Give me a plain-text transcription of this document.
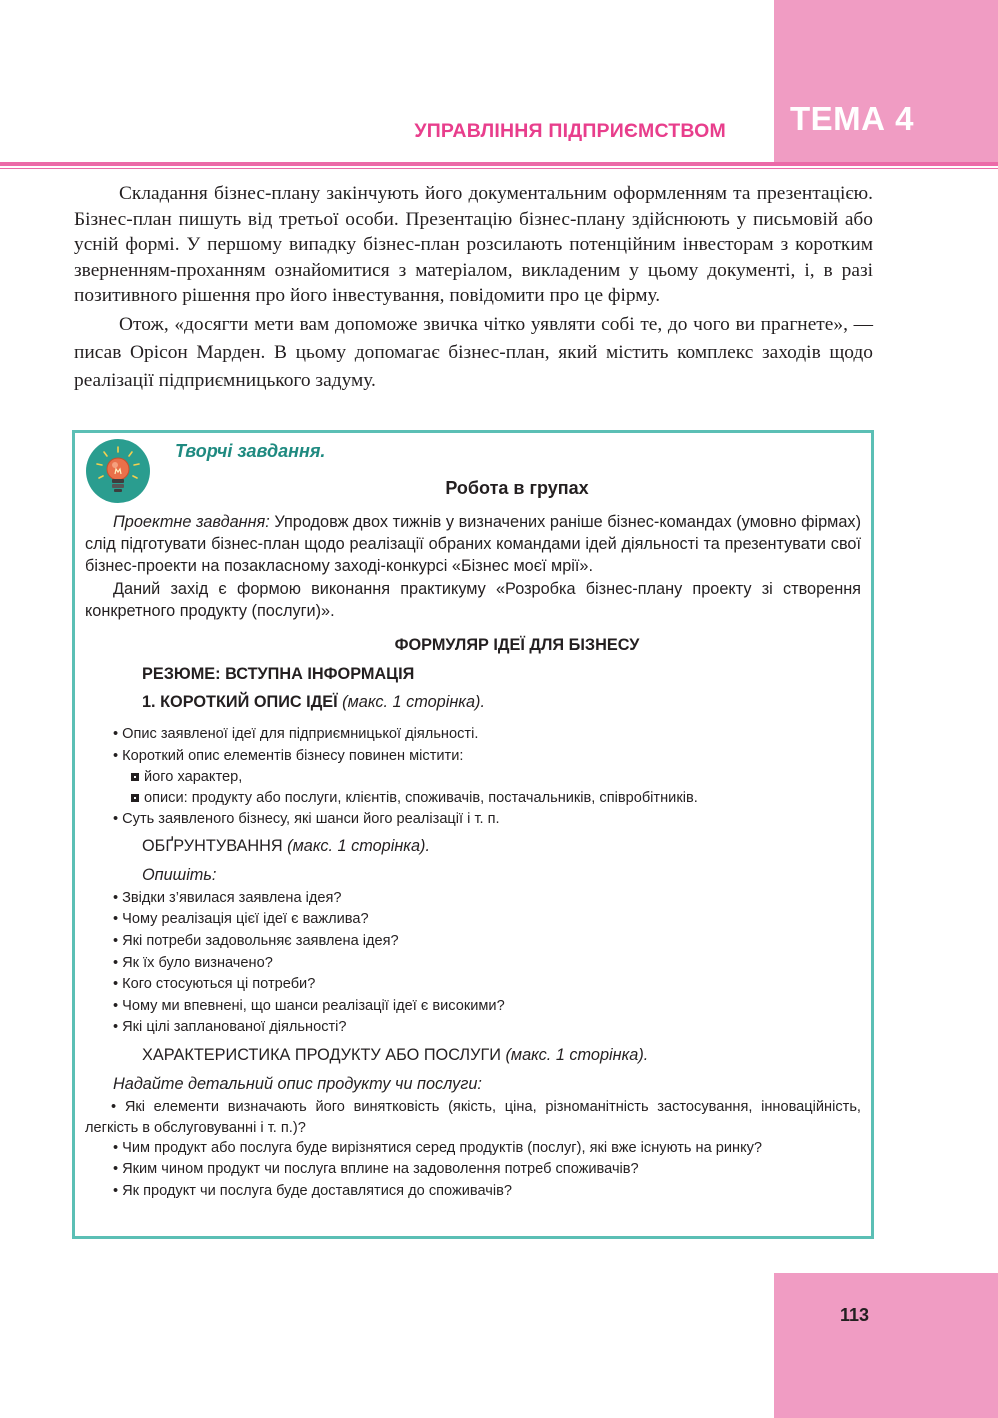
ТЕМА 4
УПРАВЛІННЯ ПІДПРИЄМСТВОМ

Складання бізнес-плану закінчують його документальним оформленням та презентацією. Бізнес-план пишуть від третьої особи. Презентацію бізнес-плану здійснюють у письмовій або усній формі. У першому випадку бізнес-план розсилають потенційним інвесторам з коротким зверненням-проханням ознайомитися з матеріалом, викладеним у цьому документі, і, в разі позитивного рішення про його інвестування, повідомити про це фірму.

Отож, «досягти мети вам допоможе звичка чітко уявляти собі те, до чого ви прагнете», — писав Орісон Марден. В цьому допомагає бізнес-план, який містить комплекс заходів щодо реалізації підприємницького задуму.

Творчі завдання.
Робота в групах
Проектне завдання: Упродовж двох тижнів у визначених раніше бізнес-командах (умовно фірмах) слід підготувати бізнес-план щодо реалізації обраних командами ідей діяльності та презентувати свої бізнес-проекти на позакласному заході-конкурсі «Бізнес моєї мрії».
Даний захід є формою виконання практикуму «Розробка бізнес-плану проекту зі створення конкретного продукту (послуги)».
ФОРМУЛЯР ІДЕЇ ДЛЯ БІЗНЕСУ
РЕЗЮМЕ: ВСТУПНА ІНФОРМАЦІЯ
1. КОРОТКИЙ ОПИС ІДЕЇ (макс. 1 сторінка).
• Опис заявленої ідеї для підприємницької діяльності.
• Короткий опис елементів бізнесу повинен містити:
його характер,
описи: продукту або послуги, клієнтів, споживачів, постачальників, співробітників.
• Суть заявленого бізнесу, які шанси його реалізації і т. п.
ОБҐРУНТУВАННЯ (макс. 1 сторінка).
Опишіть:
• Звідки з’явилася заявлена ідея?
• Чому реалізація цієї ідеї є важлива?
• Які потреби задовольняє заявлена ідея?
• Як їх було визначено?
• Кого стосуються ці потреби?
• Чому ми впевнені, що шанси реалізації ідеї є високими?
• Які цілі запланованої діяльності?
ХАРАКТЕРИСТИКА ПРОДУКТУ АБО ПОСЛУГИ (макс. 1 сторінка).
Надайте детальний опис продукту чи послуги:
• Які елементи визначають його винятковість (якість, ціна, різноманітність застосування, інноваційність, легкість в обслуговуванні і т. п.)?
• Чим продукт або послуга буде вирізнятися серед продуктів (послуг), які вже існують на ринку?
• Яким чином продукт чи послуга вплине на задоволення потреб споживачів?
• Як продукт чи послуга буде доставлятися до споживачів?
113
